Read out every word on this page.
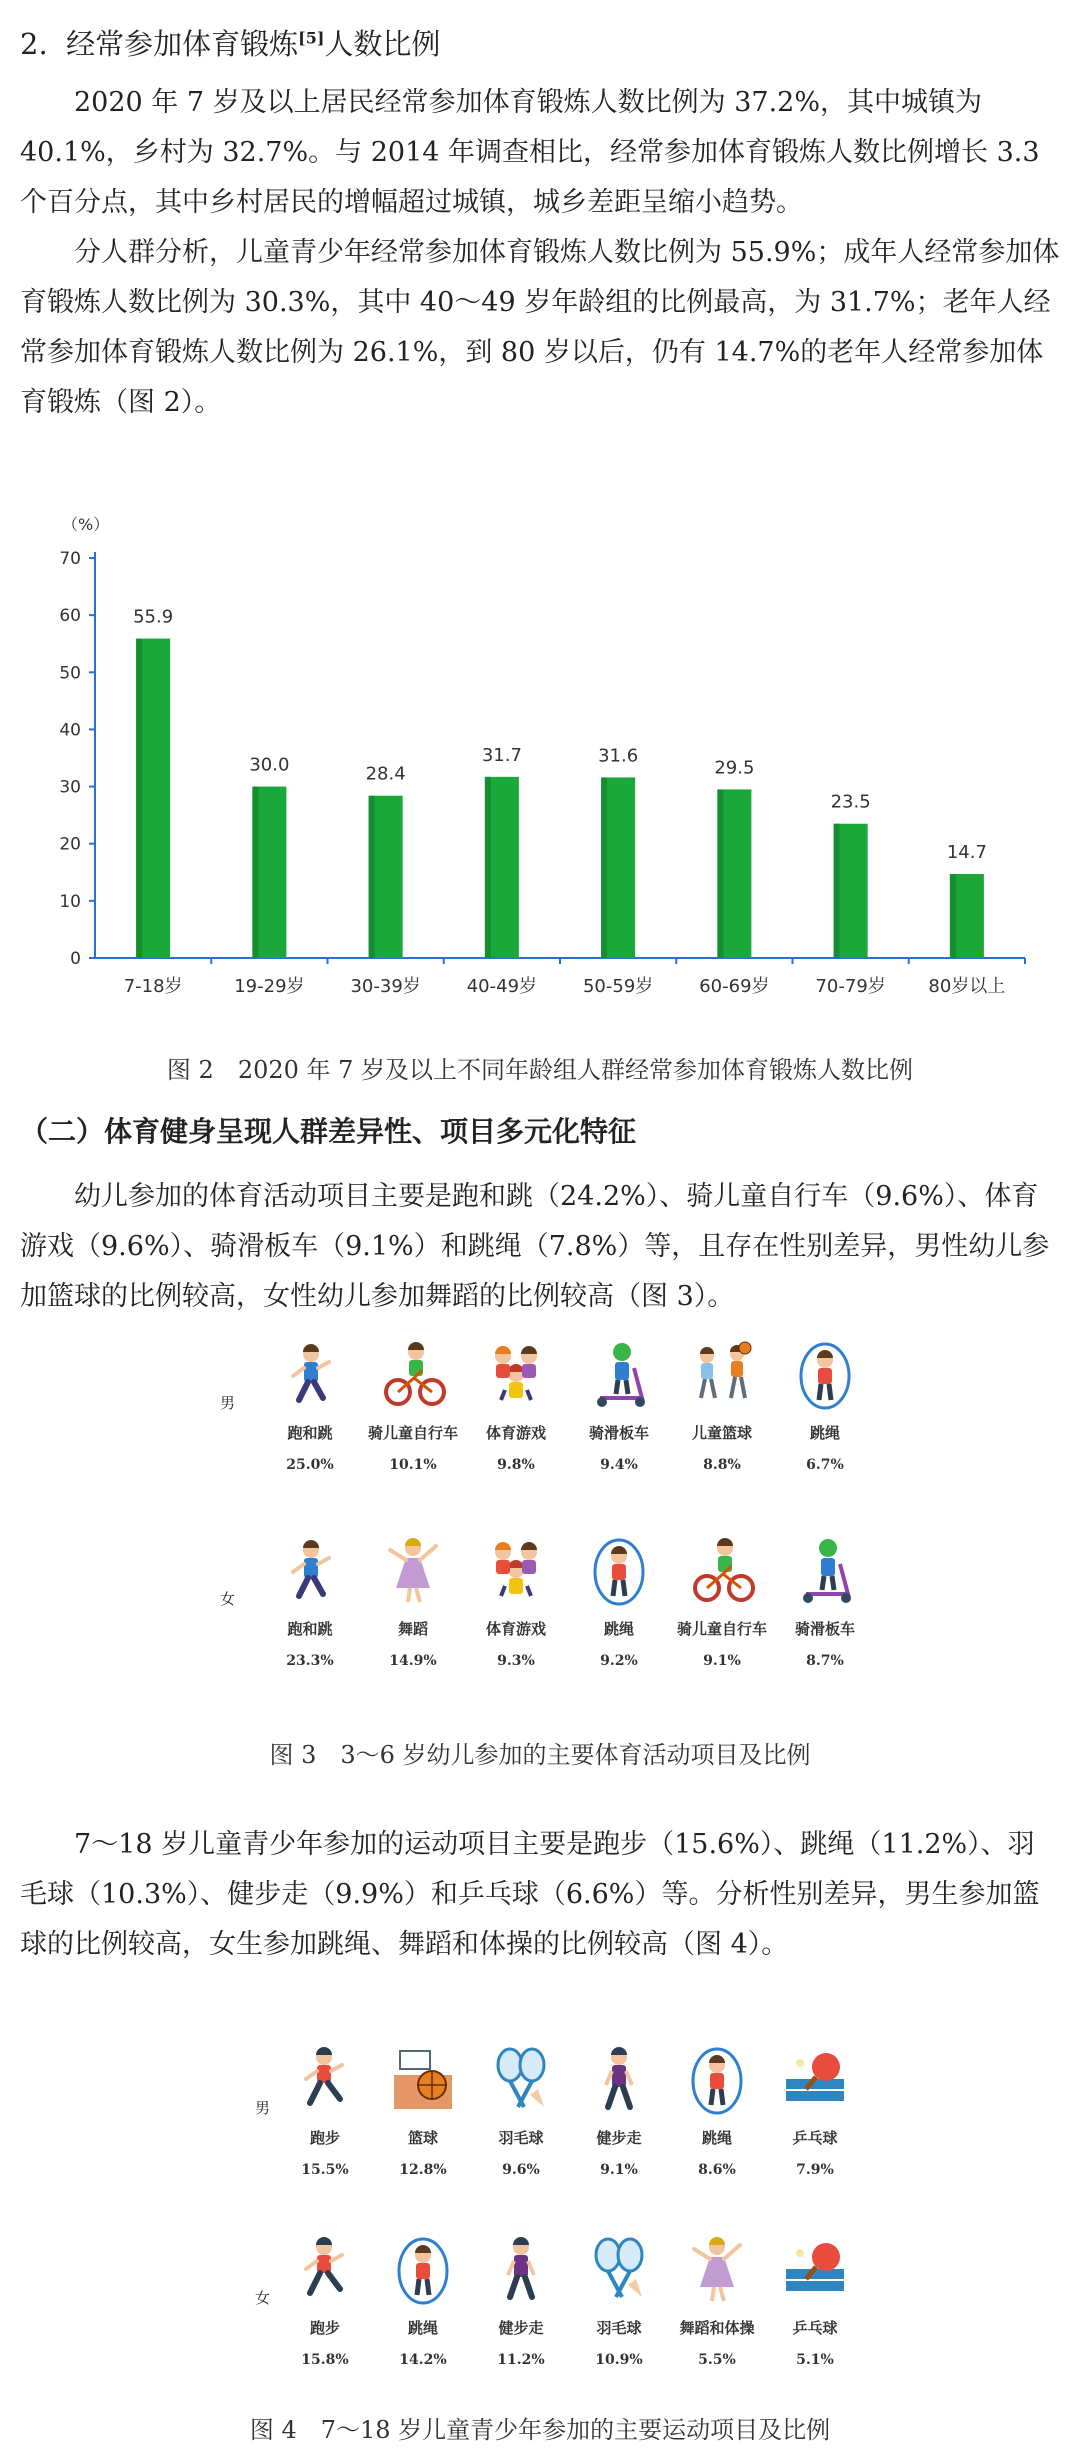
2. 经常参加体育锻炼[5]人数比例

2020 年 7 岁及以上居民经常参加体育锻炼人数比例为 37.2%，其中城镇为 40.1%，乡村为 32.7%。与 2014 年调查相比，经常参加体育锻炼人数比例增长 3.3 个百分点，其中乡村居民的增幅超过城镇，城乡差距呈缩小趋势。

分人群分析，儿童青少年经常参加体育锻炼人数比例为 55.9%；成年人经常参加体育锻炼人数比例为 30.3%，其中 40～49 岁年龄组的比例最高，为 31.7%；老年人经常参加体育锻炼人数比例为 26.1%，到 80 岁以后，仍有 14.7%的老年人经常参加体育锻炼（图 2）。

（%）
0
10
20
30
40
50
60
70
55.9
7-18岁
30.0
19-29岁
28.4
30-39岁
31.7
40-49岁
31.6
50-59岁
29.5
60-69岁
23.5
70-79岁
14.7
80岁以上
图 2　2020 年 7 岁及以上不同年龄组人群经常参加体育锻炼人数比例
（二）体育健身呈现人群差异性、项目多元化特征

幼儿参加的体育活动项目主要是跑和跳（24.2%）、骑儿童自行车（9.6%）、体育游戏（9.6%）、骑滑板车（9.1%）和跳绳（7.8%）等，且存在性别差异，男性幼儿参加篮球的比例较高，女性幼儿参加舞蹈的比例较高（图 3）。

男
跑和跳
25.0%
骑儿童自行车
10.1%
体育游戏
9.8%
骑滑板车
9.4%
儿童篮球
8.8%
跳绳
6.7%
女
跑和跳
23.3%
舞蹈
14.9%
体育游戏
9.3%
跳绳
9.2%
骑儿童自行车
9.1%
骑滑板车
8.7%
图 3　3～6 岁幼儿参加的主要体育活动项目及比例

7～18 岁儿童青少年参加的运动项目主要是跑步（15.6%）、跳绳（11.2%）、羽毛球（10.3%）、健步走（9.9%）和乒乓球（6.6%）等。分析性别差异，男生参加篮球的比例较高，女生参加跳绳、舞蹈和体操的比例较高（图 4）。

男
跑步
15.5%
篮球
12.8%
羽毛球
9.6%
健步走
9.1%
跳绳
8.6%
乒乓球
7.9%
女
跑步
15.8%
跳绳
14.2%
健步走
11.2%
羽毛球
10.9%
舞蹈和体操
5.5%
乒乓球
5.1%
图 4　7～18 岁儿童青少年参加的主要运动项目及比例
